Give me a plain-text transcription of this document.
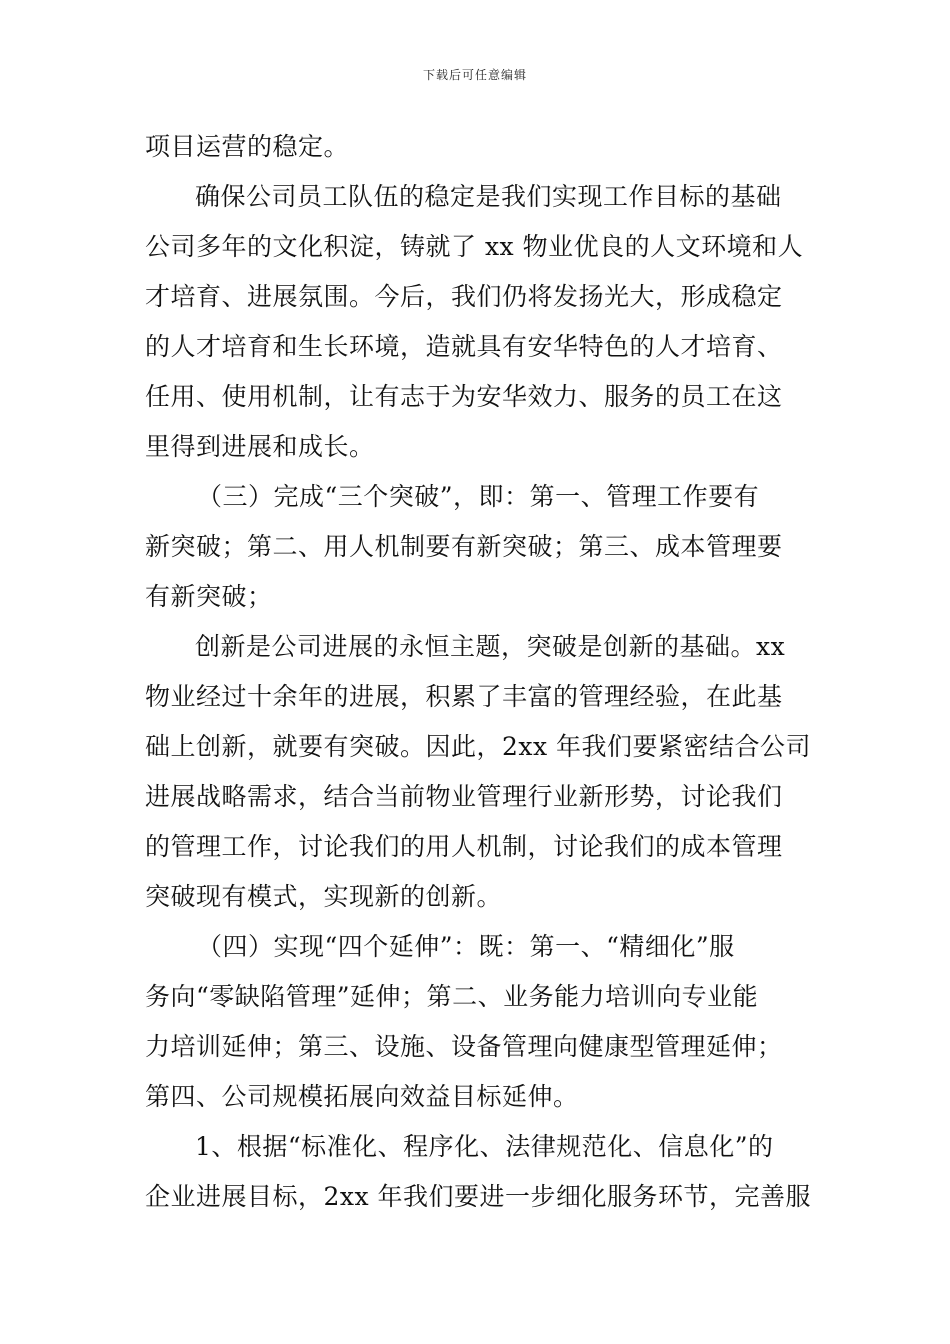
下载后可任意编辑
项目运营的稳定。
确保公司员工队伍的稳定是我们实现工作目标的基础
公司多年的文化积淀，铸就了 xx 物业优良的人文环境和人
才培育、进展氛围。今后，我们仍将发扬光大，形成稳定
的人才培育和生长环境，造就具有安华特色的人才培育、
任用、使用机制，让有志于为安华效力、服务的员工在这
里得到进展和成长。
（三）完成“三个突破”，即：第一、管理工作要有
新突破；第二、用人机制要有新突破；第三、成本管理要
有新突破；
创新是公司进展的永恒主题，突破是创新的基础。xx
物业经过十余年的进展，积累了丰富的管理经验，在此基
础上创新，就要有突破。因此，2xx 年我们要紧密结合公司
进展战略需求，结合当前物业管理行业新形势，讨论我们
的管理工作，讨论我们的用人机制，讨论我们的成本管理
突破现有模式，实现新的创新。
（四）实现“四个延伸”：既：第一、“精细化”服
务向“零缺陷管理”延伸；第二、业务能力培训向专业能
力培训延伸；第三、设施、设备管理向健康型管理延伸；
第四、公司规模拓展向效益目标延伸。
1、根据“标准化、程序化、法律规范化、信息化”的
企业进展目标，2xx 年我们要进一步细化服务环节，完善服
